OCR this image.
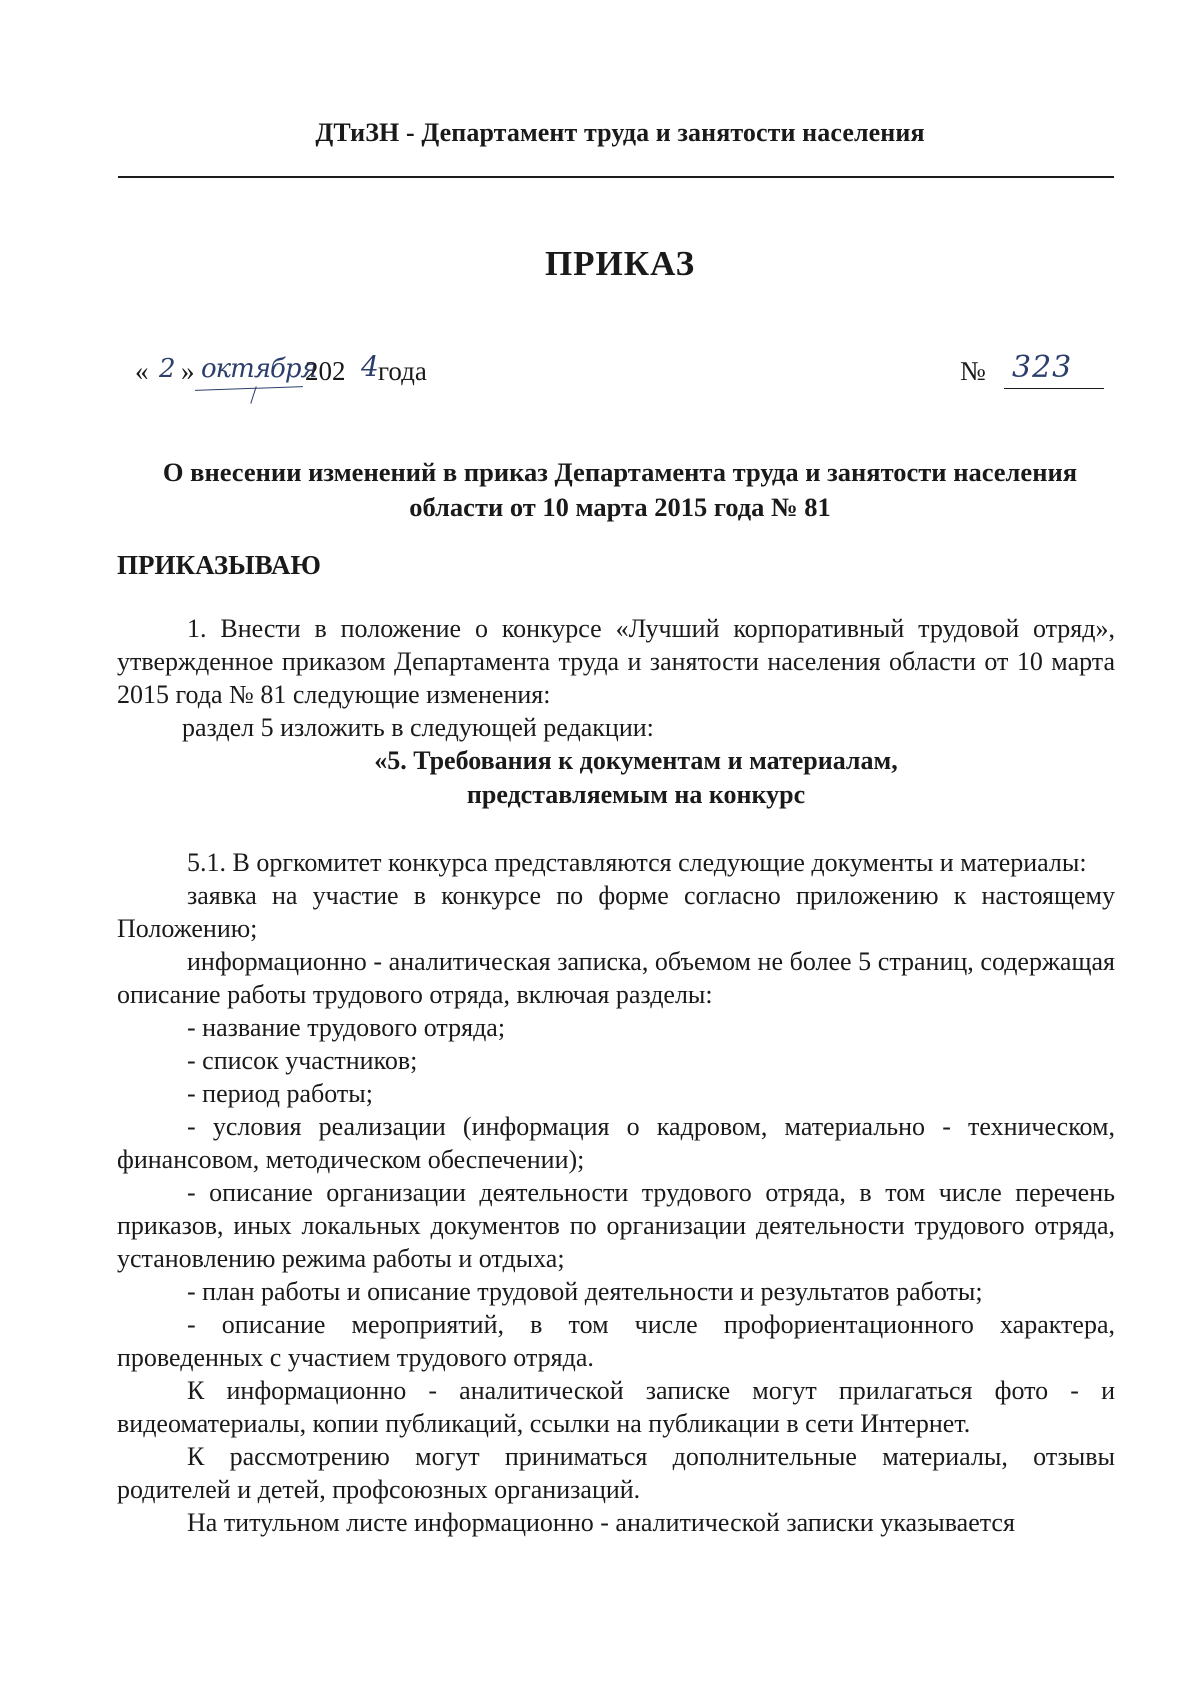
ДТиЗН - Департамент труда и занятости населения
ПРИКАЗ
« 2 » октября
202 4 года	№ 323
О внесении изменений в приказ Департамента труда и занятости населения области от 10 марта 2015 года № 81
ПРИКАЗЫВАЮ

1. Внести в положение о конкурсе «Лучший корпоративный трудовой отряд», утвержденное приказом Департамента труда и занятости населения области от 10 марта 2015 года № 81 следующие изменения:

раздел 5 изложить в следующей редакции:

«5. Требования к документам и материалам,

представляемым на конкурс

5.1. В оргкомитет конкурса представляются следующие документы и материалы:

заявка на участие в конкурсе по форме согласно приложению к настоящему Положению;

информационно - аналитическая записка, объемом не более 5 страниц, содержащая описание работы трудового отряда, включая разделы:

- название трудового отряда;

- список участников;

- период работы;

- условия реализации (информация о кадровом, материально - техническом, финансовом, методическом обеспечении);

- описание организации деятельности трудового отряда, в том числе перечень приказов, иных локальных документов по организации деятельности трудового отряда, установлению режима работы и отдыха;

- план работы и описание трудовой деятельности и результатов работы;

- описание мероприятий, в том числе профориентационного характера, проведенных с участием трудового отряда.

К информационно - аналитической записке могут прилагаться фото - и видеоматериалы, копии публикаций, ссылки на публикации в сети Интернет.

К рассмотрению могут приниматься дополнительные материалы, отзывы родителей и детей, профсоюзных организаций.

На титульном листе информационно - аналитической записки указывается
